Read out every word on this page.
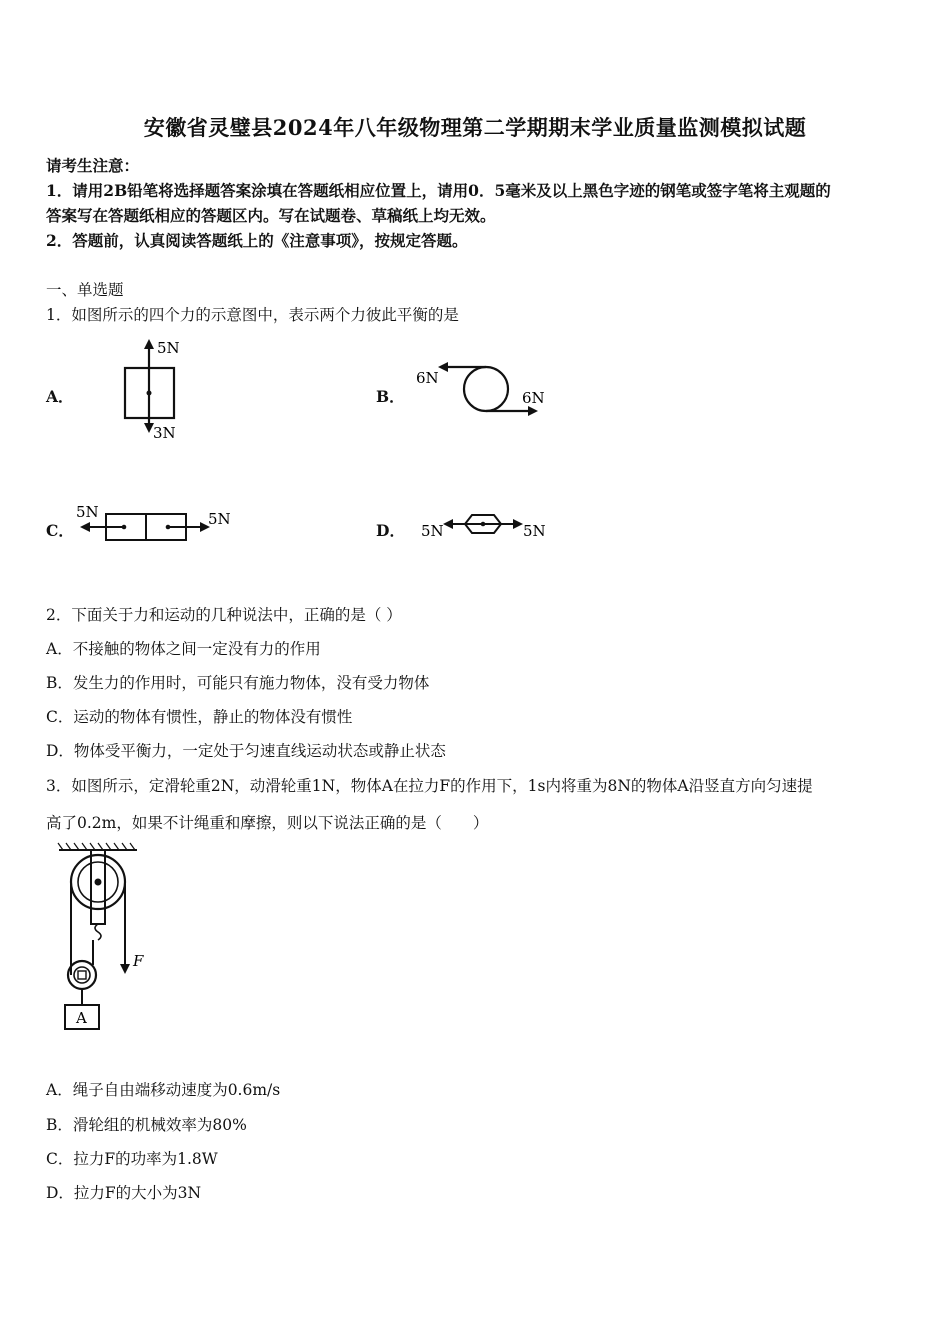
安徽省灵璧县2024年八年级物理第二学期期末学业质量监测模拟试题
请考生注意：
1．请用2B铅笔将选择题答案涂填在答题纸相应位置上，请用0．5毫米及以上黑色字迹的钢笔或签字笔将主观题的
答案写在答题纸相应的答题区内。写在试题卷、草稿纸上均无效。
2．答题前，认真阅读答题纸上的《注意事项》，按规定答题。
一、单选题
1．如图所示的四个力的示意图中，表示两个力彼此平衡的是
A．
5N
3N
B．
6N
6N
C．
5N	5N
D． 5N	5N
2．下面关于力和运动的几种说法中，正确的是（ ）
A．不接触的物体之间一定没有力的作用
B．发生力的作用时，可能只有施力物体，没有受力物体
C．运动的物体有惯性，静止的物体没有惯性
D．物体受平衡力，一定处于匀速直线运动状态或静止状态
3．如图所示，定滑轮重2N，动滑轮重1N，物体A在拉力F的作用下，1s内将重为8N的物体A沿竖直方向匀速提
高了0.2m，如果不计绳重和摩擦，则以下说法正确的是（　　）
A
F
A．绳子自由端移动速度为0.6m/s
B．滑轮组的机械效率为80%
C．拉力F的功率为1.8W
D．拉力F的大小为3N
